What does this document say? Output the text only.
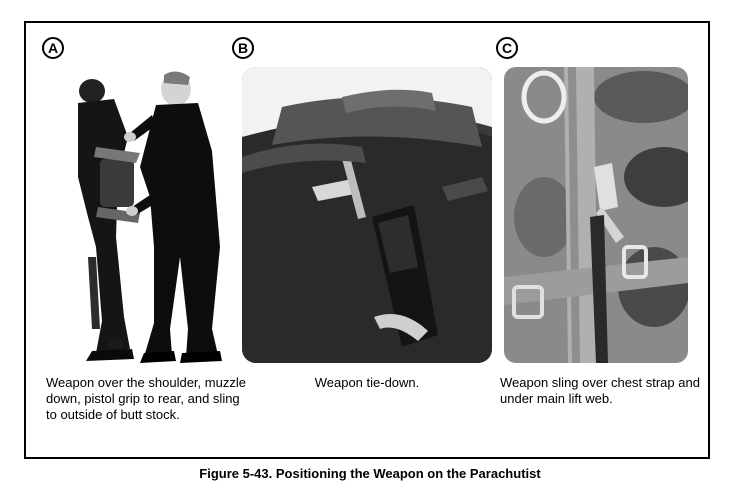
A
Weapon over the shoulder, muzzle down, pistol grip to rear, and sling to outside of butt stock.
B
Weapon tie-down.
C
Weapon sling over chest strap and under main lift web.
Figure 5-43. Positioning the Weapon on the Parachutist
